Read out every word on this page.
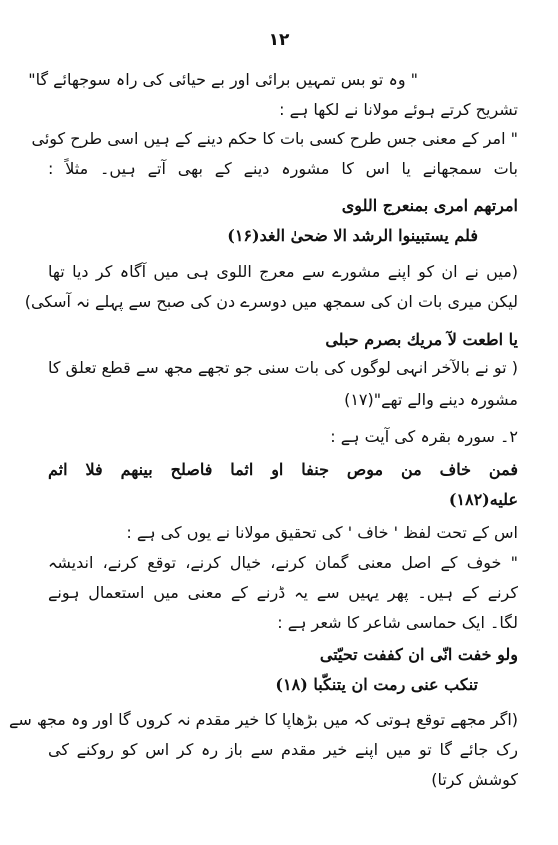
۱۲
" وہ تو بس تمہیں برائی اور بے حیائی کی راہ سوجھائے گا"
تشریح کرتے ہوئے مولانا نے لکھا ہے :
" امر کے معنی جس طرح کسی بات کا حکم دینے کے ہیں اسی طرح کوئی
بات سمجھانے یا اس کا مشورہ دینے کے بھی آتے ہیں۔ مثلاً :
امرتھم امری بمنعرج اللوی
فلم یستبینوا الرشد الا ضحیٰ الغد(۱۶)
(میں نے ان کو اپنے مشورے سے معرج اللوی ہی میں آگاہ کر دیا تھا
لیکن میری بات ان کی سمجھ میں دوسرے دن کی صبح سے پہلے نہ آسکی)
یا اطعت لآ مریك بصرم حبلی
( تو نے بالآخر انہی لوگوں کی بات سنی جو تجھے مجھ سے قطع تعلق کا
مشورہ دینے والے تھے"(۱۷)
۲۔ سورہ بقرہ کی آیت ہے :
فمن خاف من موص جنفا او اثما فاصلح بینھم فلا اثم
علیه(۱۸۲)
اس کے تحت لفظ ' خاف ' کی تحقیق مولانا نے یوں کی ہے :
" خوف کے اصل معنی گمان کرنے، خیال کرنے، توقع کرنے، اندیشہ
کرنے کے ہیں۔ پھر یہیں سے یہ ڈرنے کے معنی میں استعمال ہونے
لگا۔ ایک حماسی شاعر کا شعر ہے :
ولو خفت انّی ان کففت تحیّتی
تنکب عنی رمت ان یتنکّبا (۱۸)
(اگر مجھے توقع ہوتی کہ میں بڑھاپا کا خیر مقدم نہ کروں گا اور وہ مجھ سے
رک جائے گا تو میں اپنے خیر مقدم سے باز رہ کر اس کو روکنے کی
کوشش کرتا)
